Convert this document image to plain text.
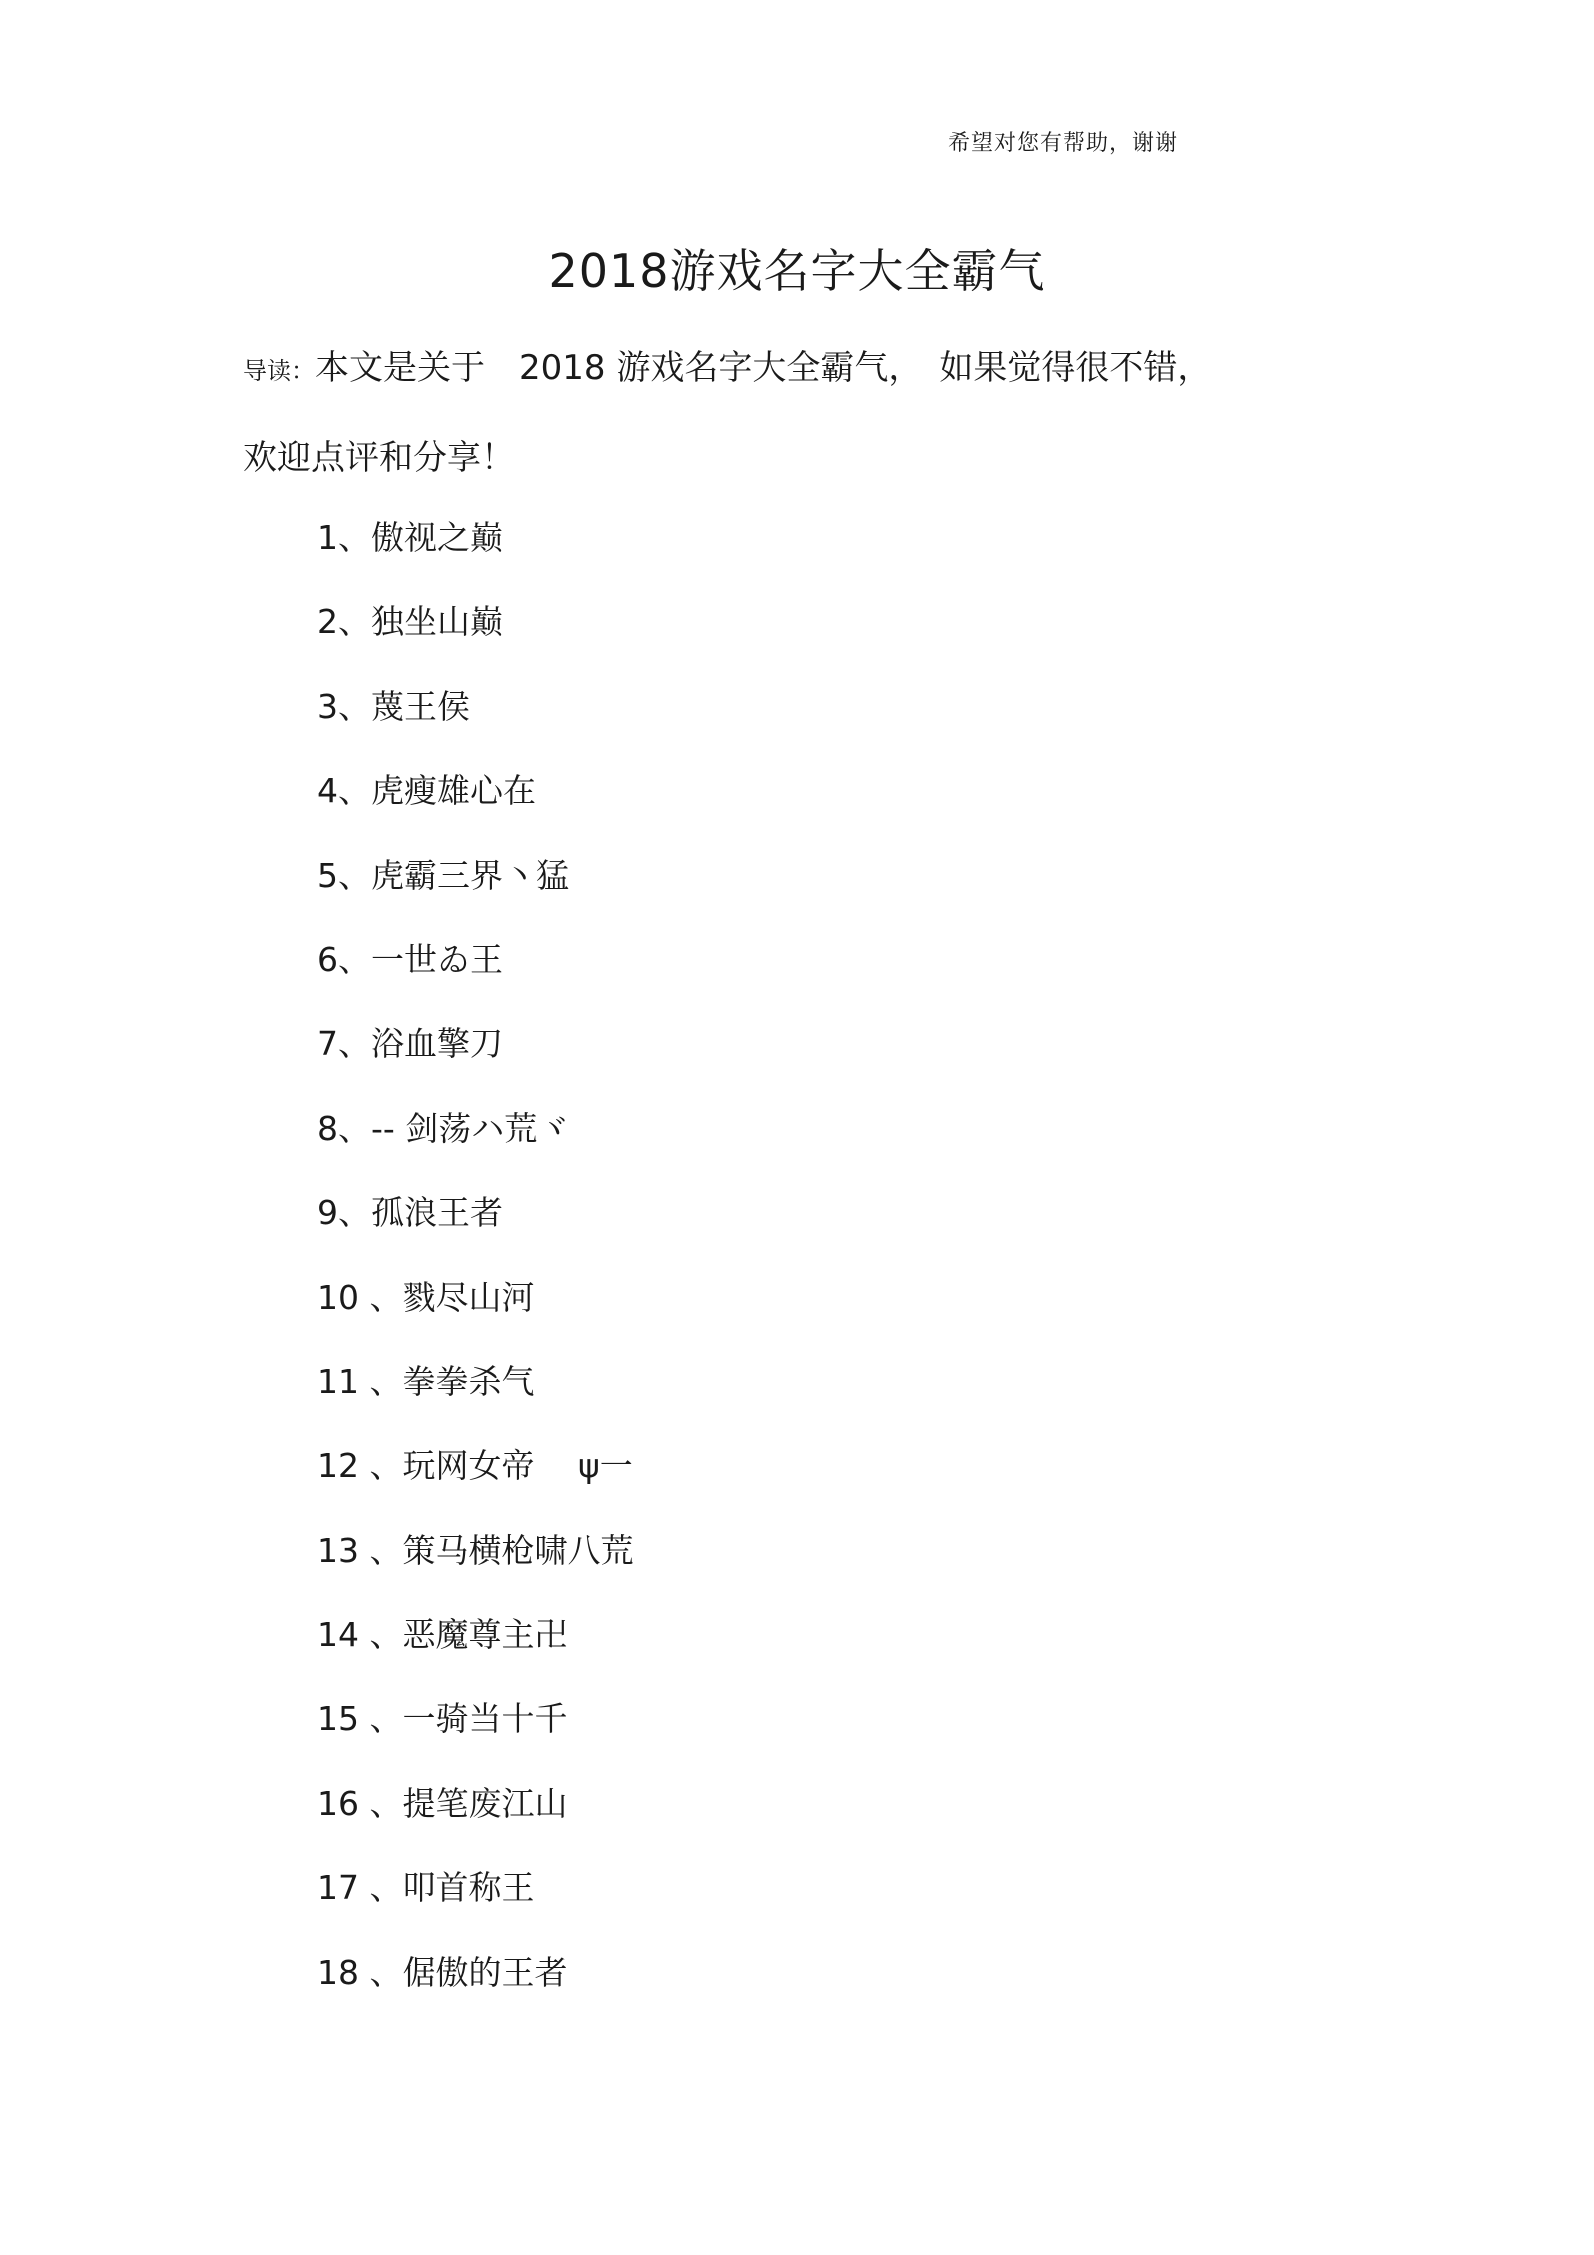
希望对您有帮助，谢谢
2018游戏名字大全霸气
导读：本文是关于　2018 游戏名字大全霸气，　如果觉得很不错，
欢迎点评和分享！
1、傲视之巅
2、独坐山巅
3、蔑王侯
4、虎瘦雄心在
5、虎霸三界丶猛
6、一世ゐ王
7、浴血擎刀
8、-- 剑荡ハ荒ヾ
9、孤浪王者
10 、戮尽山河
11 、拳拳杀气
12 、玩网女帝　 ψ一
13 、策马横枪啸八荒
14 、恶魔尊主卍
15 、一骑当十千
16 、提笔废江山
17 、叩首称王
18 、倨傲的王者
